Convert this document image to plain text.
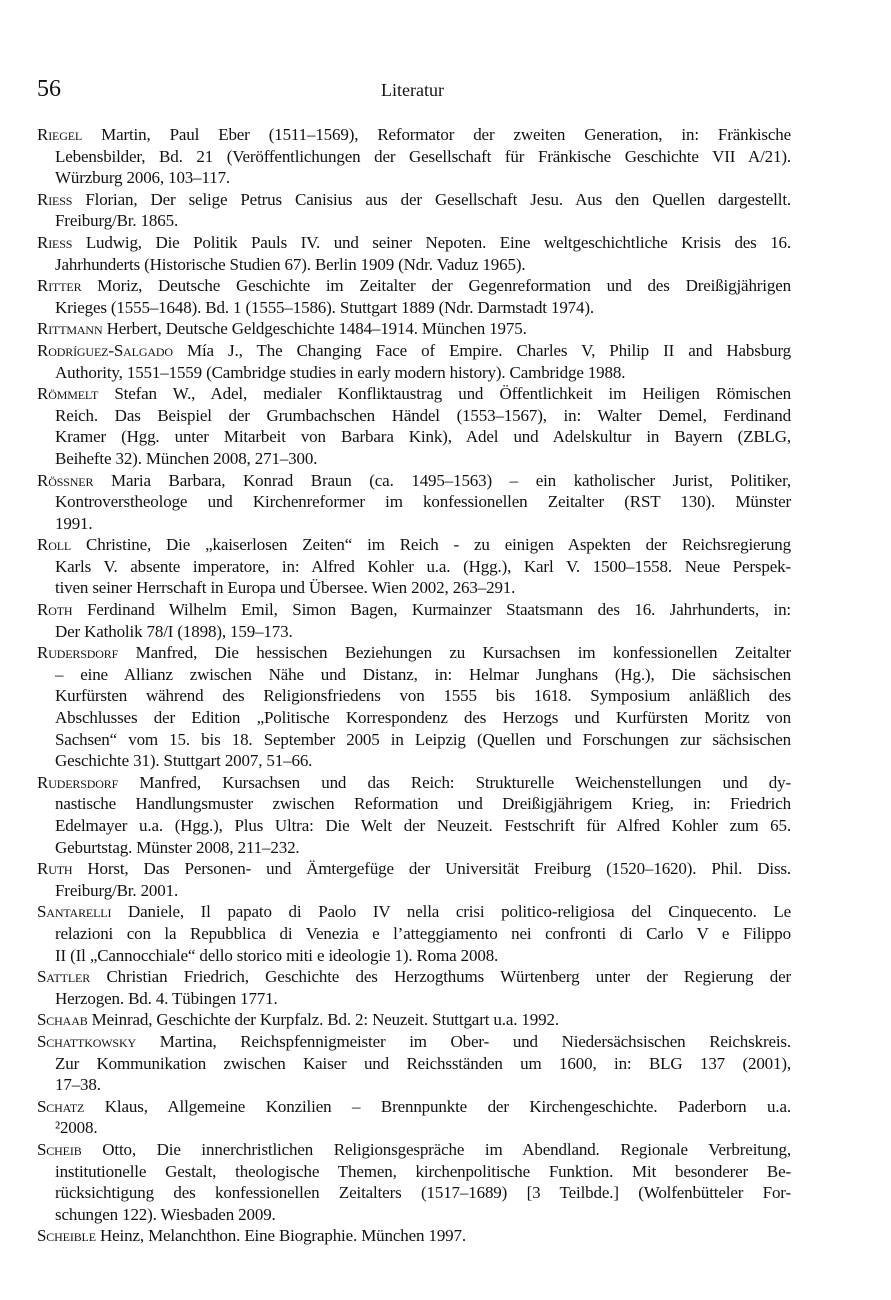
56	Literatur
Riegel Martin, Paul Eber (1511–1569), Reformator der zweiten Generation, in: Fränkische
Lebensbilder, Bd. 21 (Veröffentlichungen der Gesellschaft für Fränkische Geschichte VII A/21).
Würzburg 2006, 103–117.
Riess Florian, Der selige Petrus Canisius aus der Gesellschaft Jesu. Aus den Quellen dargestellt.
Freiburg/Br. 1865.
Riess Ludwig, Die Politik Pauls IV. und seiner Nepoten. Eine weltgeschichtliche Krisis des 16.
Jahrhunderts (Historische Studien 67). Berlin 1909 (Ndr. Vaduz 1965).
Ritter Moriz, Deutsche Geschichte im Zeitalter der Gegenreformation und des Dreißigjährigen
Krieges (1555–1648). Bd. 1 (1555–1586). Stuttgart 1889 (Ndr. Darmstadt 1974).
Rittmann Herbert, Deutsche Geldgeschichte 1484–1914. München 1975.
Rodríguez-Salgado Mía J., The Changing Face of Empire. Charles V, Philip II and Habsburg
Authority, 1551–1559 (Cambridge studies in early modern history). Cambridge 1988.
Römmelt Stefan W., Adel, medialer Konfliktaustrag und Öffentlichkeit im Heiligen Römischen
Reich. Das Beispiel der Grumbachschen Händel (1553–1567), in: Walter Demel, Ferdinand
Kramer (Hgg. unter Mitarbeit von Barbara Kink), Adel und Adelskultur in Bayern (ZBLG,
Beihefte 32). München 2008, 271–300.
Rössner Maria Barbara, Konrad Braun (ca. 1495–1563) – ein katholischer Jurist, Politiker,
Kontroverstheologe und Kirchenreformer im konfessionellen Zeitalter (RST 130). Münster
1991.
Roll Christine, Die „kaiserlosen Zeiten“ im Reich - zu einigen Aspekten der Reichsregierung
Karls V. absente imperatore, in: Alfred Kohler u.a. (Hgg.), Karl V. 1500–1558. Neue Perspek-
tiven seiner Herrschaft in Europa und Übersee. Wien 2002, 263–291.
Roth Ferdinand Wilhelm Emil, Simon Bagen, Kurmainzer Staatsmann des 16. Jahrhunderts, in:
Der Katholik 78/I (1898), 159–173.
Rudersdorf Manfred, Die hessischen Beziehungen zu Kursachsen im konfessionellen Zeitalter
– eine Allianz zwischen Nähe und Distanz, in: Helmar Junghans (Hg.), Die sächsischen
Kurfürsten während des Religionsfriedens von 1555 bis 1618. Symposium anläßlich des
Abschlusses der Edition „Politische Korrespondenz des Herzogs und Kurfürsten Moritz von
Sachsen“ vom 15. bis 18. September 2005 in Leipzig (Quellen und Forschungen zur sächsischen
Geschichte 31). Stuttgart 2007, 51–66.
Rudersdorf Manfred, Kursachsen und das Reich: Strukturelle Weichenstellungen und dy-
nastische Handlungsmuster zwischen Reformation und Dreißigjährigem Krieg, in: Friedrich
Edelmayer u.a. (Hgg.), Plus Ultra: Die Welt der Neuzeit. Festschrift für Alfred Kohler zum 65.
Geburtstag. Münster 2008, 211–232.
Ruth Horst, Das Personen- und Ämtergefüge der Universität Freiburg (1520–1620). Phil. Diss.
Freiburg/Br. 2001.
Santarelli Daniele, Il papato di Paolo IV nella crisi politico-religiosa del Cinquecento. Le
relazioni con la Repubblica di Venezia e l’atteggiamento nei confronti di Carlo V e Filippo
II (Il „Cannocchiale“ dello storico miti e ideologie 1). Roma 2008.
Sattler Christian Friedrich, Geschichte des Herzogthums Würtenberg unter der Regierung der
Herzogen. Bd. 4. Tübingen 1771.
Schaab Meinrad, Geschichte der Kurpfalz. Bd. 2: Neuzeit. Stuttgart u.a. 1992.
Schattkowsky Martina, Reichspfennigmeister im Ober- und Niedersächsischen Reichskreis.
Zur Kommunikation zwischen Kaiser und Reichsständen um 1600, in: BLG 137 (2001),
17–38.
Schatz Klaus, Allgemeine Konzilien – Brennpunkte der Kirchengeschichte. Paderborn u.a.
²2008.
Scheib Otto, Die innerchristlichen Religionsgespräche im Abendland. Regionale Verbreitung,
institutionelle Gestalt, theologische Themen, kirchenpolitische Funktion. Mit besonderer Be-
rücksichtigung des konfessionellen Zeitalters (1517–1689) [3 Teilbde.] (Wolfenbütteler For-
schungen 122). Wiesbaden 2009.
Scheible Heinz, Melanchthon. Eine Biographie. München 1997.
